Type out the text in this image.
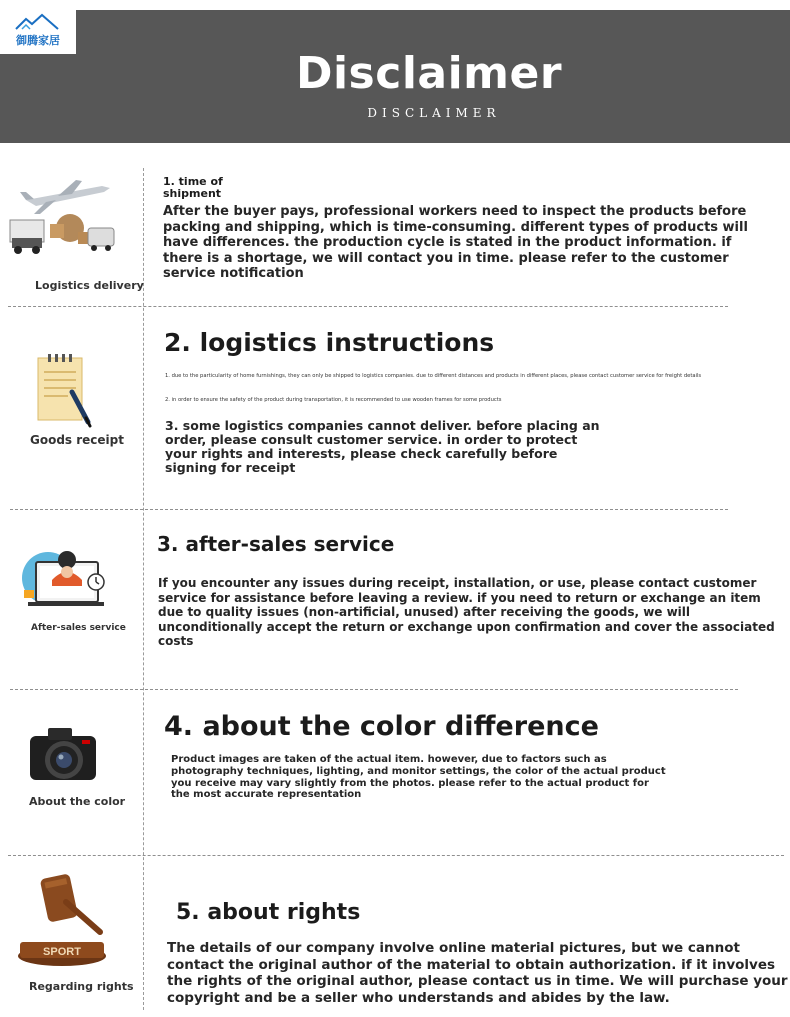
御腾家居
Disclaimer
DISCLAIMER
Logistics delivery
1. time of
shipment
After the buyer pays, professional workers need to inspect the products before packing and shipping, which is time-consuming. different types of products will have differences. the production cycle is stated in the product information. if there is a shortage, we will contact you in time. please refer to the customer service notification
Goods receipt
2. logistics instructions
1. due to the particularity of home furnishings, they can only be shipped to logistics companies. due to different distances and products in different places, please contact customer service for freight details
2. in order to ensure the safety of the product during transportation, it is recommended to use wooden frames for some products
3. some logistics companies cannot deliver. before placing an order, please consult customer service. in order to protect your rights and interests, please check carefully before signing for receipt
After-sales service
3. after-sales service
If you encounter any issues during receipt, installation, or use, please contact customer service for assistance before leaving a review. if you need to return or exchange an item due to quality issues (non-artificial, unused) after receiving the goods, we will unconditionally accept the return or exchange upon confirmation and cover the associated costs
About the color
4. about the color difference
Product images are taken of the actual item. however, due to factors such as photography techniques, lighting, and monitor settings, the color of the actual product you receive may vary slightly from the photos. please refer to the actual product for the most accurate representation
SPORT
Regarding rights
5. about rights
The details of our company involve online material pictures, but we cannot contact the original author of the material to obtain authorization. if it involves the rights of the original author, please contact us in time. We will purchase your copyright and be a seller who understands and abides by the law.
